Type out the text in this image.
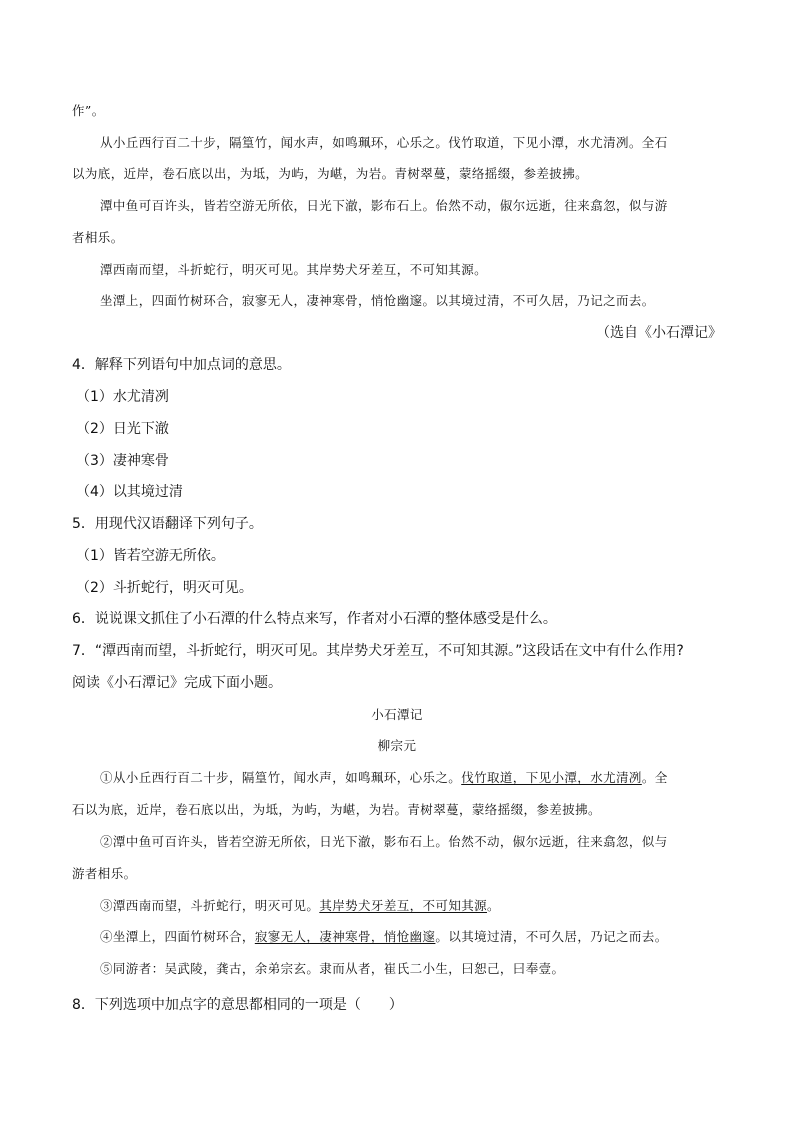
作”。
从小丘西行百二十步，隔篁竹，闻水声，如鸣珮环，心乐之。伐竹取道，下见小潭，水尤清冽。全石
以为底，近岸，卷石底以出，为坻，为屿，为嵁，为岩。青树翠蔓，蒙络摇缀，参差披拂。
潭中鱼可百许头，皆若空游无所依，日光下澈，影布石上。佁然不动，俶尔远逝，往来翕忽，似与游
者相乐。
潭西南而望，斗折蛇行，明灭可见。其岸势犬牙差互，不可知其源。
坐潭上，四面竹树环合，寂寥无人，凄神寒骨，悄怆幽邃。以其境过清，不可久居，乃记之而去。
（选自《小石潭记》
4．解释下列语句中加点词的意思。
（1）水尤清冽
（2）日光下澈
（3）凄神寒骨
（4）以其境过清
5．用现代汉语翻译下列句子。
（1）皆若空游无所依。
（2）斗折蛇行，明灭可见。
6．说说课文抓住了小石潭的什么特点来写，作者对小石潭的整体感受是什么。
7．“潭西南而望，斗折蛇行，明灭可见。其岸势犬牙差互，不可知其源。”这段话在文中有什么作用?
阅读《小石潭记》完成下面小题。
小石潭记
柳宗元
①从小丘西行百二十步，隔篁竹，闻水声，如鸣珮环，心乐之。伐竹取道，下见小潭，水尤清冽。全
石以为底，近岸，卷石底以出，为坻，为屿，为嵁，为岩。青树翠蔓，蒙络摇缀，参差披拂。
②潭中鱼可百许头，皆若空游无所依，日光下澈，影布石上。佁然不动，俶尔远逝，往来翕忽，似与
游者相乐。
③潭西南而望，斗折蛇行，明灭可见。其岸势犬牙差互，不可知其源。
④坐潭上，四面竹树环合，寂寥无人，凄神寒骨，悄怆幽邃。以其境过清，不可久居，乃记之而去。
⑤同游者：吴武陵，龚古，余弟宗玄。隶而从者，崔氏二小生，曰恕己，曰奉壹。
8．下列选项中加点字的意思都相同的一项是（　　）
